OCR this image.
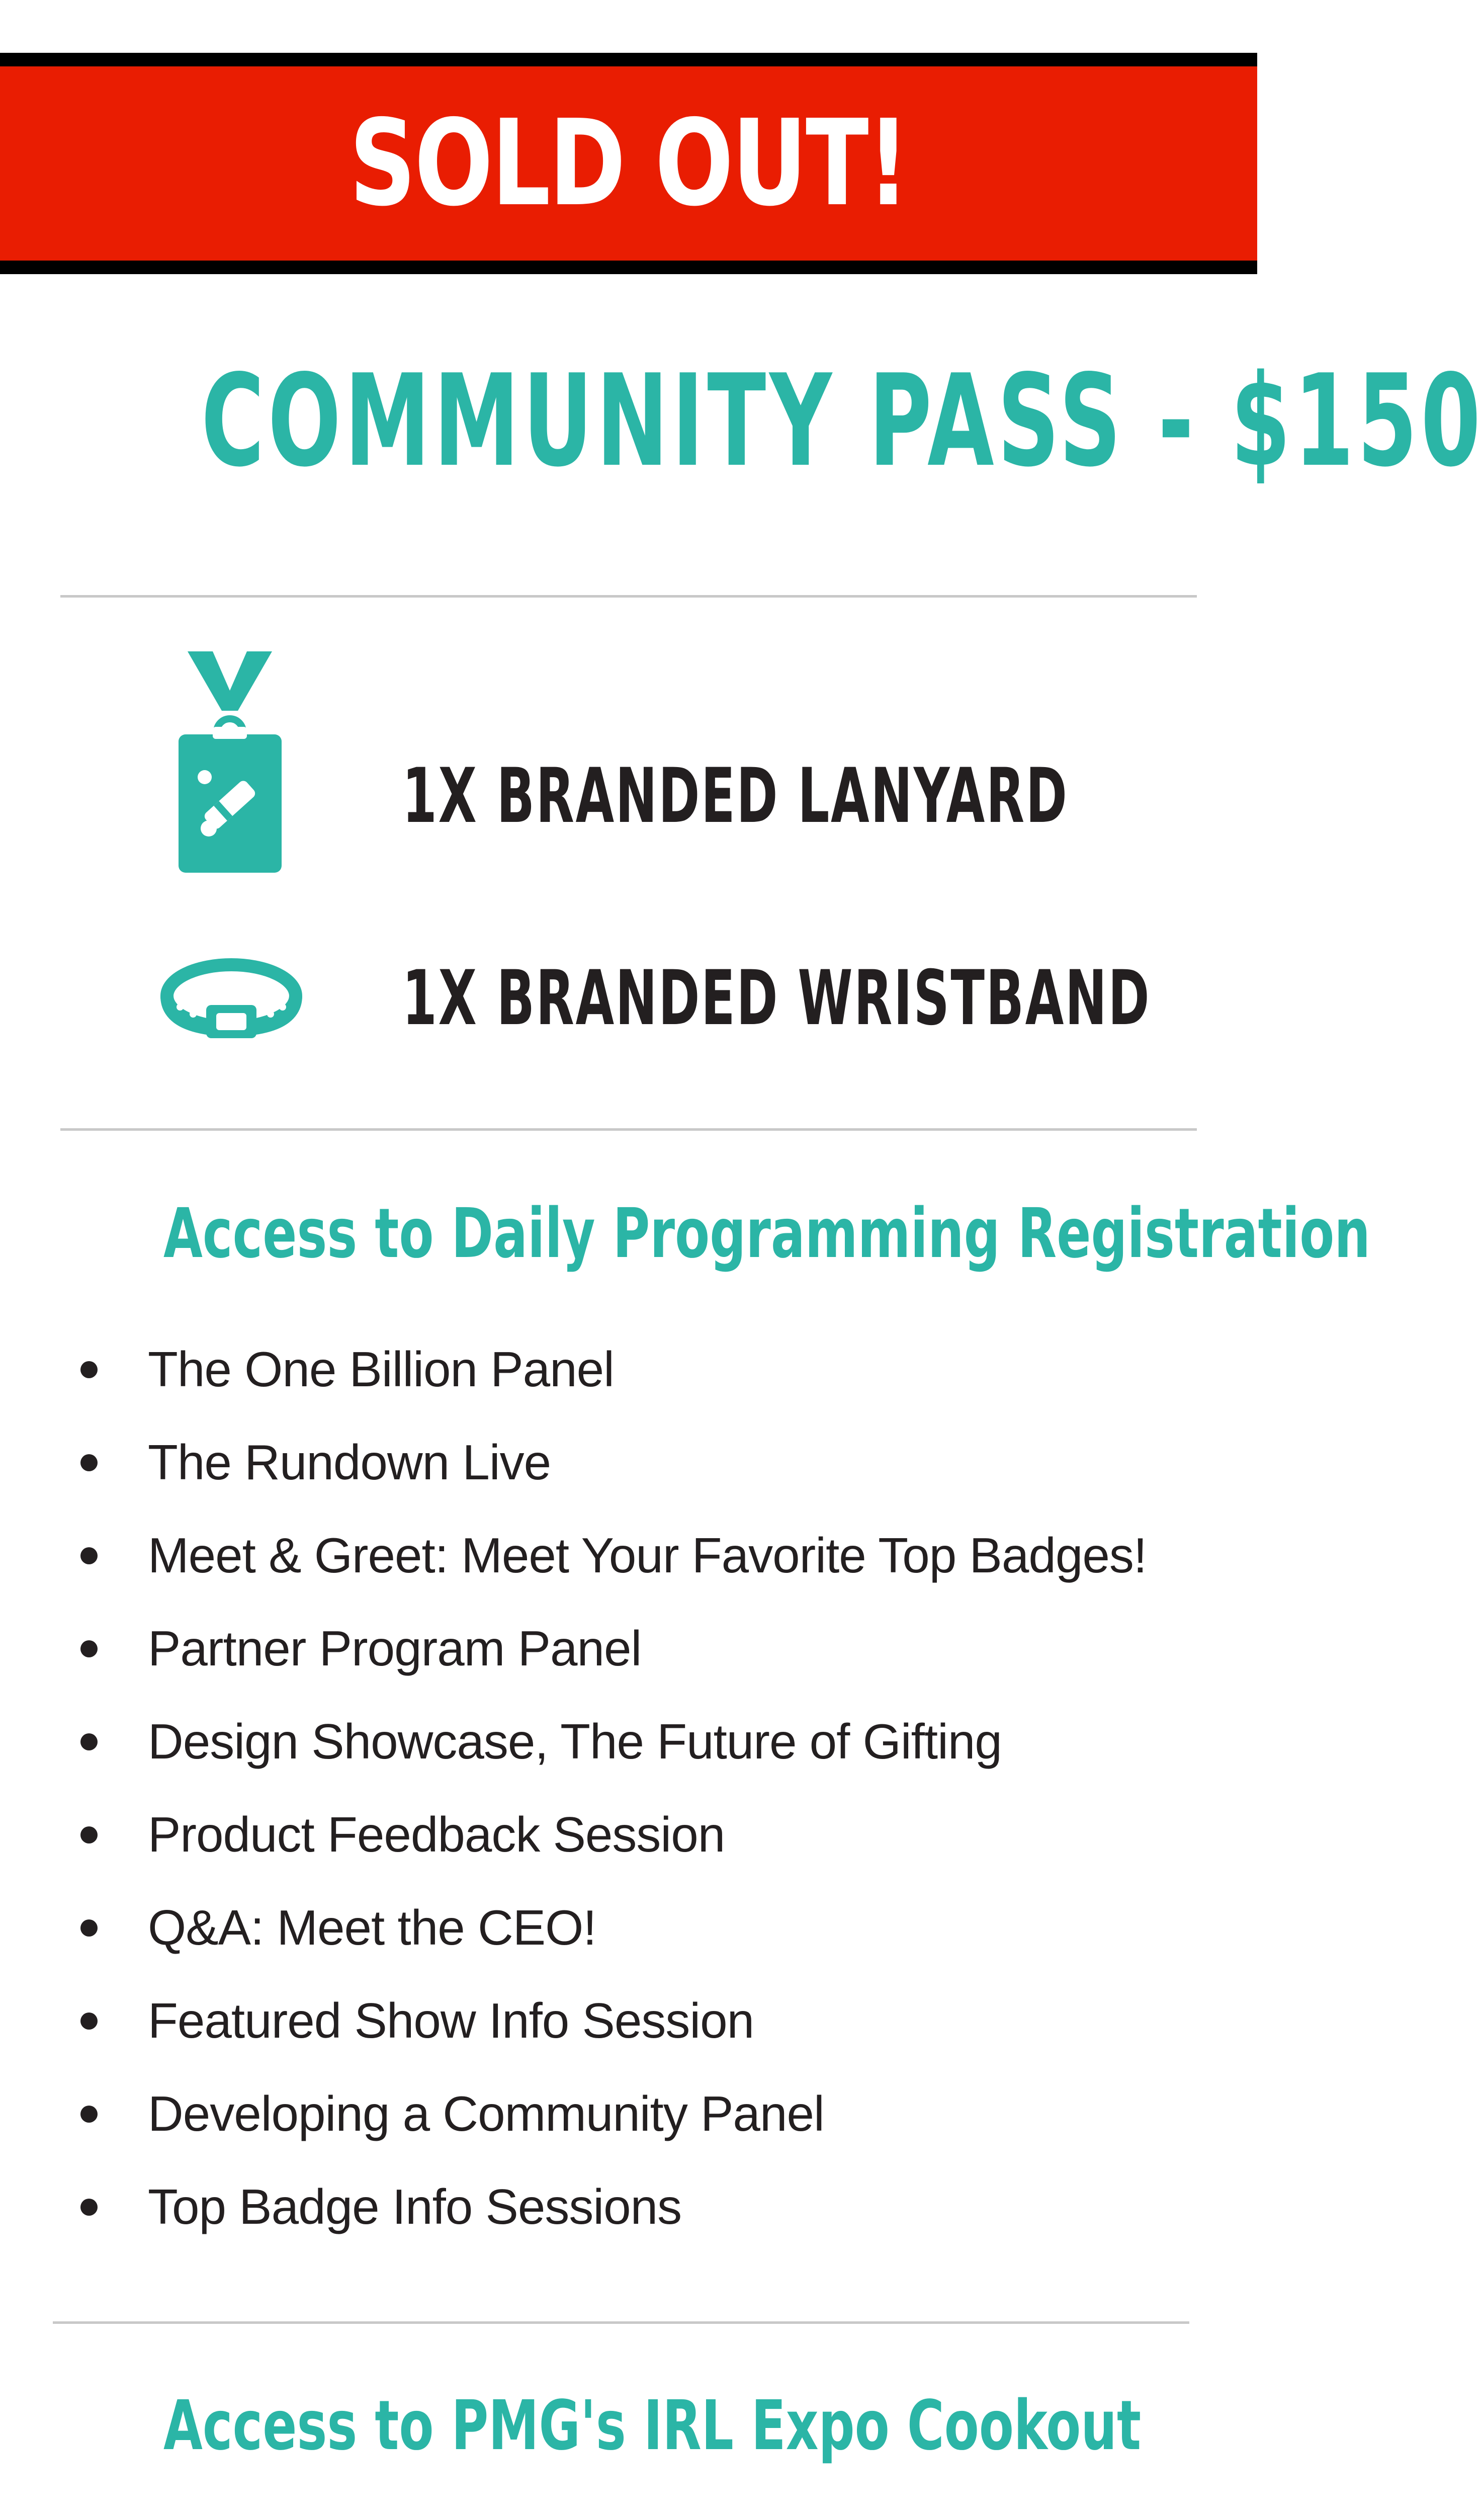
SOLD OUT!
COMMUNITY PASS - $150
1X BRANDED LANYARD
1X BRANDED WRISTBAND
Access to Daily Programming Registration
The One Billion Panel
The Rundown Live
Meet & Greet: Meet Your Favorite Top Badges!
Partner Program Panel
Design Showcase, The Future of Gifting
Product Feedback Session
Q&A: Meet the CEO!
Featured Show Info Session
Developing a Community Panel
Top Badge Info Sessions
Access to PMG's IRL Expo Cookout
